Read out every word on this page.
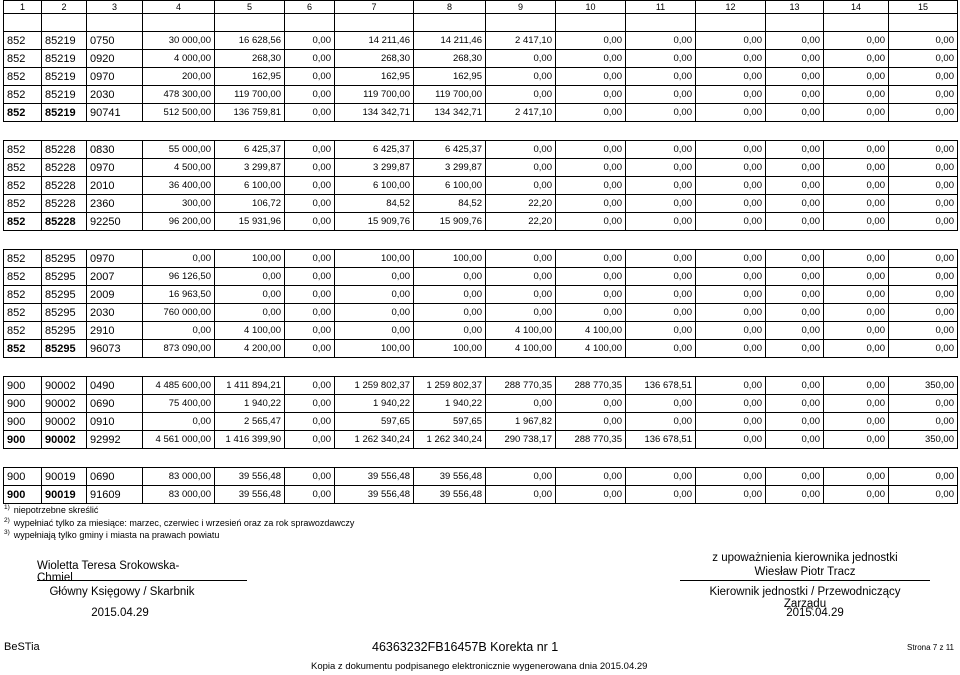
1	2	3	4	5	6	7	8	9	10	11	12	13	14	15

852	85219	0750	30 000,00	16 628,56	0,00	14 211,46	14 211,46	2 417,10	0,00	0,00	0,00	0,00	0,00	0,00
852	85219	0920	4 000,00	268,30	0,00	268,30	268,30	0,00	0,00	0,00	0,00	0,00	0,00	0,00
852	85219	0970	200,00	162,95	0,00	162,95	162,95	0,00	0,00	0,00	0,00	0,00	0,00	0,00
852	85219	2030	478 300,00	119 700,00	0,00	119 700,00	119 700,00	0,00	0,00	0,00	0,00	0,00	0,00	0,00
852	85219	90741	512 500,00	136 759,81	0,00	134 342,71	134 342,71	2 417,10	0,00	0,00	0,00	0,00	0,00	0,00

852	85228	0830	55 000,00	6 425,37	0,00	6 425,37	6 425,37	0,00	0,00	0,00	0,00	0,00	0,00	0,00
852	85228	0970	4 500,00	3 299,87	0,00	3 299,87	3 299,87	0,00	0,00	0,00	0,00	0,00	0,00	0,00
852	85228	2010	36 400,00	6 100,00	0,00	6 100,00	6 100,00	0,00	0,00	0,00	0,00	0,00	0,00	0,00
852	85228	2360	300,00	106,72	0,00	84,52	84,52	22,20	0,00	0,00	0,00	0,00	0,00	0,00
852	85228	92250	96 200,00	15 931,96	0,00	15 909,76	15 909,76	22,20	0,00	0,00	0,00	0,00	0,00	0,00

852	85295	0970	0,00	100,00	0,00	100,00	100,00	0,00	0,00	0,00	0,00	0,00	0,00	0,00
852	85295	2007	96 126,50	0,00	0,00	0,00	0,00	0,00	0,00	0,00	0,00	0,00	0,00	0,00
852	85295	2009	16 963,50	0,00	0,00	0,00	0,00	0,00	0,00	0,00	0,00	0,00	0,00	0,00
852	85295	2030	760 000,00	0,00	0,00	0,00	0,00	0,00	0,00	0,00	0,00	0,00	0,00	0,00
852	85295	2910	0,00	4 100,00	0,00	0,00	0,00	4 100,00	4 100,00	0,00	0,00	0,00	0,00	0,00
852	85295	96073	873 090,00	4 200,00	0,00	100,00	100,00	4 100,00	4 100,00	0,00	0,00	0,00	0,00	0,00

900	90002	0490	4 485 600,00	1 411 894,21	0,00	1 259 802,37	1 259 802,37	288 770,35	288 770,35	136 678,51	0,00	0,00	0,00	350,00
900	90002	0690	75 400,00	1 940,22	0,00	1 940,22	1 940,22	0,00	0,00	0,00	0,00	0,00	0,00	0,00
900	90002	0910	0,00	2 565,47	0,00	597,65	597,65	1 967,82	0,00	0,00	0,00	0,00	0,00	0,00
900	90002	92992	4 561 000,00	1 416 399,90	0,00	1 262 340,24	1 262 340,24	290 738,17	288 770,35	136 678,51	0,00	0,00	0,00	350,00

900	90019	0690	83 000,00	39 556,48	0,00	39 556,48	39 556,48	0,00	0,00	0,00	0,00	0,00	0,00	0,00
900	90019	91609	83 000,00	39 556,48	0,00	39 556,48	39 556,48	0,00	0,00	0,00	0,00	0,00	0,00	0,00
$^{1)}$ niepotrzebne skreślić
$^{2)}$ wypełniać tylko za miesiące: marzec, czerwiec i wrzesień oraz za rok sprawozdawczy
$^{3)}$ wypełniają tylko gminy i miasta na prawach powiatu
Wioletta Teresa Srokowska-Chmiel
Główny Księgowy / Skarbnik
2015.04.29
z upoważnienia kierownika jednostki
Wiesław Piotr Tracz
Kierownik jednostki / Przewodniczący Zarządu
2015.04.29
BeSTia	46363232FB16457B Korekta nr 1	Strona 7 z 11
Kopia z dokumentu podpisanego elektronicznie wygenerowana dnia 2015.04.29
